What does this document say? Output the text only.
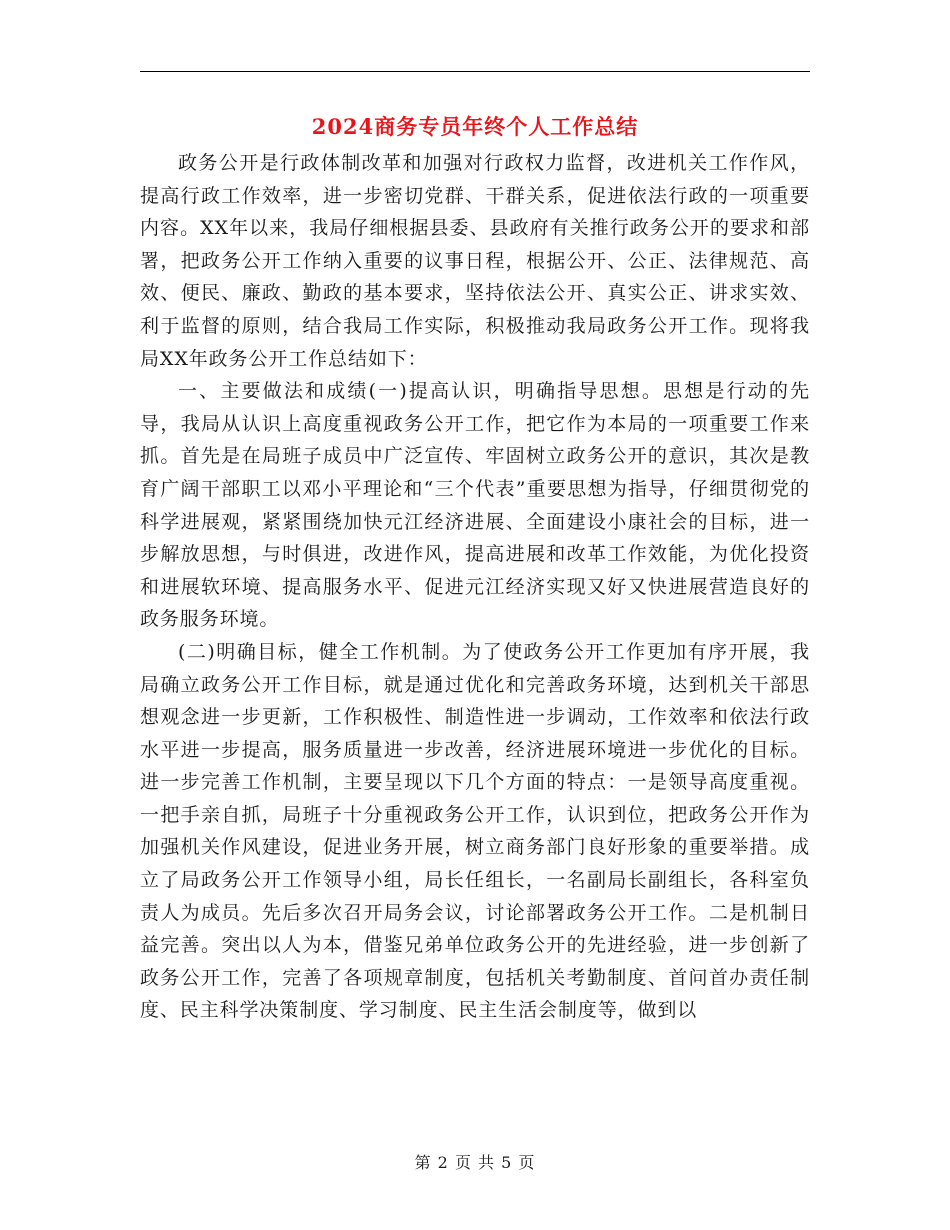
2024商务专员年终个人工作总结

政务公开是行政体制改革和加强对行政权力监督，改进机关工作作风，提高行政工作效率，进一步密切党群、干群关系，促进依法行政的一项重要内容。XX年以来，我局仔细根据县委、县政府有关推行政务公开的要求和部署，把政务公开工作纳入重要的议事日程，根据公开、公正、法律规范、高效、便民、廉政、勤政的基本要求，坚持依法公开、真实公正、讲求实效、利于监督的原则，结合我局工作实际，积极推动我局政务公开工作。现将我局XX年政务公开工作总结如下：

一、主要做法和成绩(一)提高认识，明确指导思想。思想是行动的先导，我局从认识上高度重视政务公开工作，把它作为本局的一项重要工作来抓。首先是在局班子成员中广泛宣传、牢固树立政务公开的意识，其次是教育广阔干部职工以邓小平理论和“三个代表”重要思想为指导，仔细贯彻党的科学进展观，紧紧围绕加快元江经济进展、全面建设小康社会的目标，进一步解放思想，与时俱进，改进作风，提高进展和改革工作效能，为优化投资和进展软环境、提高服务水平、促进元江经济实现又好又快进展营造良好的政务服务环境。

(二)明确目标，健全工作机制。为了使政务公开工作更加有序开展，我局确立政务公开工作目标，就是通过优化和完善政务环境，达到机关干部思想观念进一步更新，工作积极性、制造性进一步调动，工作效率和依法行政水平进一步提高，服务质量进一步改善，经济进展环境进一步优化的目标。进一步完善工作机制，主要呈现以下几个方面的特点：一是领导高度重视。一把手亲自抓，局班子十分重视政务公开工作，认识到位，把政务公开作为加强机关作风建设，促进业务开展，树立商务部门良好形象的重要举措。成立了局政务公开工作领导小组，局长任组长，一名副局长副组长，各科室负责人为成员。先后多次召开局务会议，讨论部署政务公开工作。二是机制日益完善。突出以人为本，借鉴兄弟单位政务公开的先进经验，进一步创新了政务公开工作，完善了各项规章制度，包括机关考勤制度、首问首办责任制度、民主科学决策制度、学习制度、民主生活会制度等，做到以

第 2 页 共 5 页
